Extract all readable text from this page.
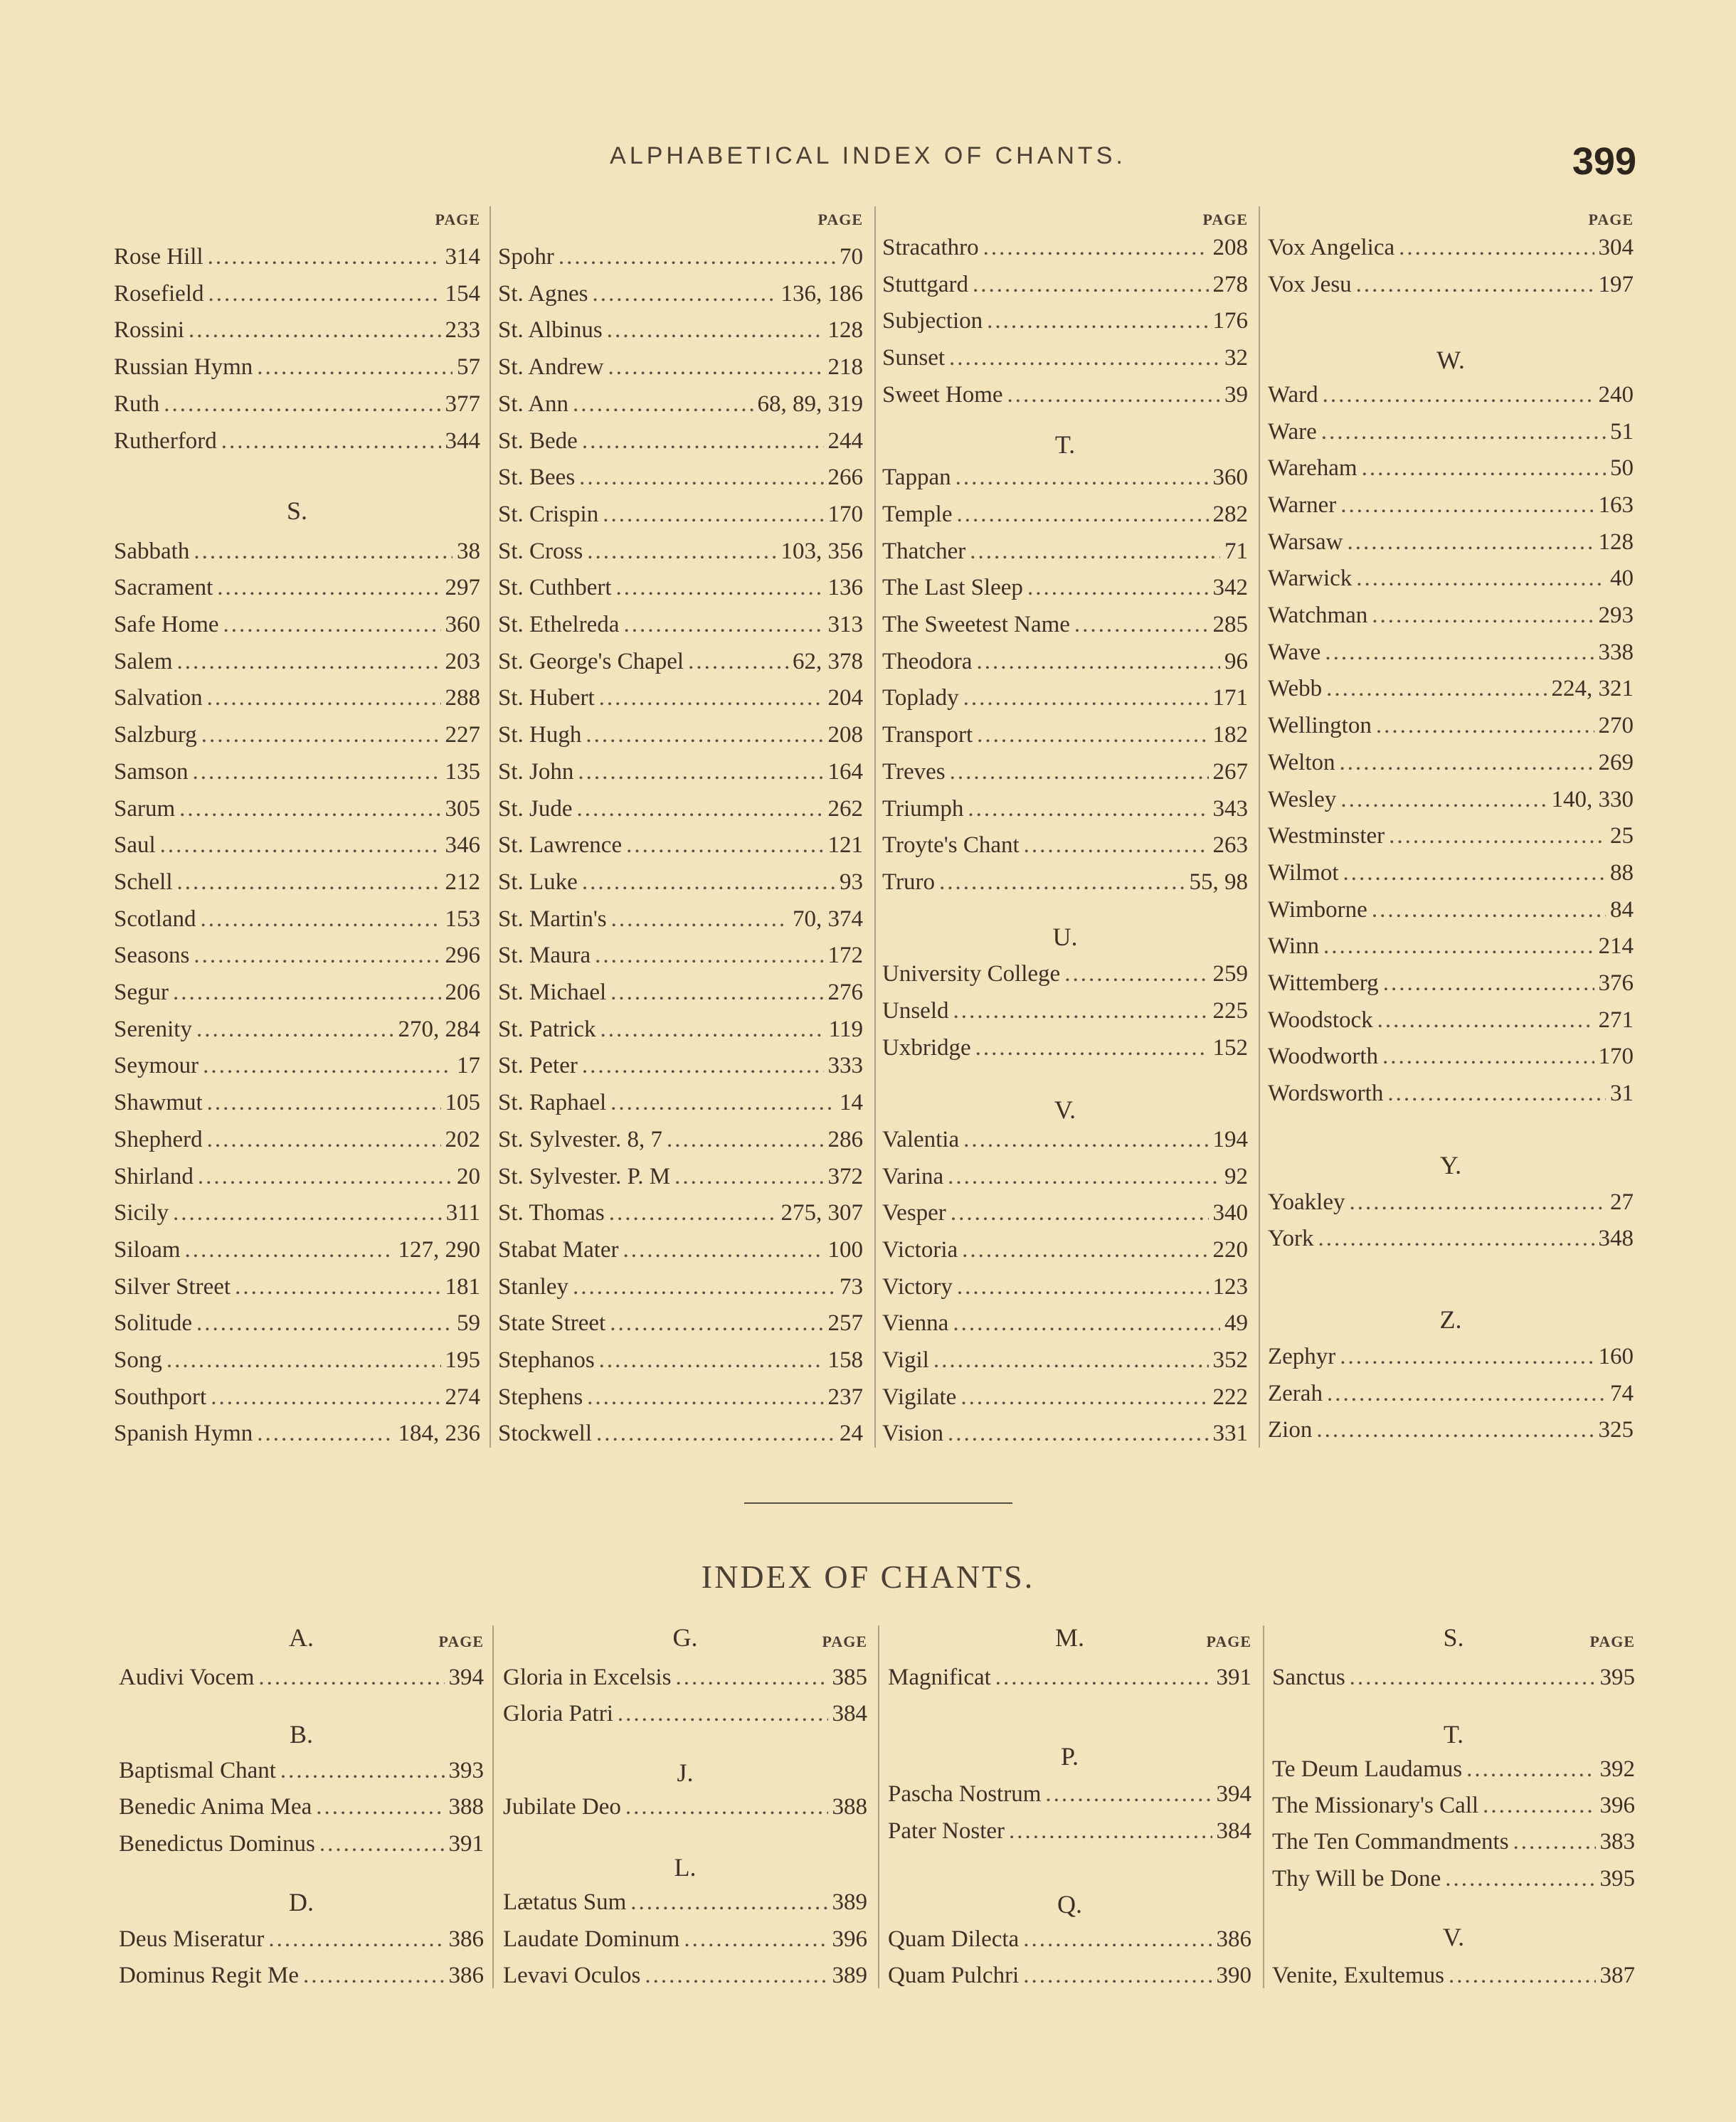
ALPHABETICAL INDEX OF CHANTS.	399
PAGE
Rose Hill .....	314
Rosefield .....	154
Rossini .....	233
Russian Hymn .....	57
Ruth .....	377
Rutherford .....	344
S.
Sabbath .....	38
Sacrament .....	297
Safe Home .....	360
Salem .....	203
Salvation .....	288
Salzburg .....	227
Samson .....	135
Sarum .....	305
Saul .....	346
Schell .....	212
Scotland .....	153
Seasons .....	296
Segur .....	206
Serenity .....	270, 284
Seymour .....	17
Shawmut .....	105
Shepherd .....	202
Shirland .....	20
Sicily .....	311
Siloam .....	127, 290
Silver Street .....	181
Solitude .....	59
Song .....	195
Southport .....	274
Spanish Hymn .....	184, 236
PAGE
Spohr .....	70
St. Agnes .....	136, 186
St. Albinus .....	128
St. Andrew .....	218
St. Ann .....	68, 89, 319
St. Bede .....	244
St. Bees .....	266
St. Crispin .....	170
St. Cross .....	103, 356
St. Cuthbert .....	136
St. Ethelreda .....	313
St. George's Chapel .....	62, 378
St. Hubert .....	204
St. Hugh .....	208
St. John .....	164
St. Jude .....	262
St. Lawrence .....	121
St. Luke .....	93
St. Martin's .....	70, 374
St. Maura .....	172
St. Michael .....	276
St. Patrick .....	119
St. Peter .....	333
St. Raphael .....	14
St. Sylvester. 8, 7 .....	286
St. Sylvester. P. M .....	372
St. Thomas .....	275, 307
Stabat Mater .....	100
Stanley .....	73
State Street .....	257
Stephanos .....	158
Stephens .....	237
Stockwell .....	24
PAGE
Stracathro .....	208
Stuttgard .....	278
Subjection .....	176
Sunset .....	32
Sweet Home .....	39
T.
Tappan .....	360
Temple .....	282
Thatcher .....	71
The Last Sleep .....	342
The Sweetest Name .....	285
Theodora .....	96
Toplady .....	171
Transport .....	182
Treves .....	267
Triumph .....	343
Troyte's Chant .....	263
Truro .....	55, 98
U.
University College .....	259
Unseld .....	225
Uxbridge .....	152
V.
Valentia .....	194
Varina .....	92
Vesper .....	340
Victoria .....	220
Victory .....	123
Vienna .....	49
Vigil .....	352
Vigilate .....	222
Vision .....	331
PAGE
Vox Angelica .....	304
Vox Jesu .....	197
W.
Ward .....	240
Ware .....	51
Wareham .....	50
Warner .....	163
Warsaw .....	128
Warwick .....	40
Watchman .....	293
Wave .....	338
Webb .....	224, 321
Wellington .....	270
Welton .....	269
Wesley .....	140, 330
Westminster .....	25
Wilmot .....	88
Wimborne .....	84
Winn .....	214
Wittemberg .....	376
Woodstock .....	271
Woodworth .....	170
Wordsworth .....	31
Y.
Yoakley .....	27
York .....	348
Z.
Zephyr .....	160
Zerah .....	74
Zion .....	325
INDEX OF CHANTS.
A.	PAGE
Audivi Vocem .....	394
B.
Baptismal Chant .....	393
Benedic Anima Mea .....	388
Benedictus Dominus .....	391
D.
Deus Miseratur .....	386
Dominus Regit Me .....	386
G.	PAGE
Gloria in Excelsis .....	385
Gloria Patri .....	384
J.
Jubilate Deo .....	388
L.
Lætatus Sum .....	389
Laudate Dominum .....	396
Levavi Oculos .....	389
M.	PAGE
Magnificat .....	391
P.
Pascha Nostrum .....	394
Pater Noster .....	384
Q.
Quam Dilecta .....	386
Quam Pulchri .....	390
S.	PAGE
Sanctus .....	395
T.
Te Deum Laudamus .....	392
The Missionary's Call .....	396
The Ten Commandments .....	383
Thy Will be Done .....	395
V.
Venite, Exultemus .....	387
